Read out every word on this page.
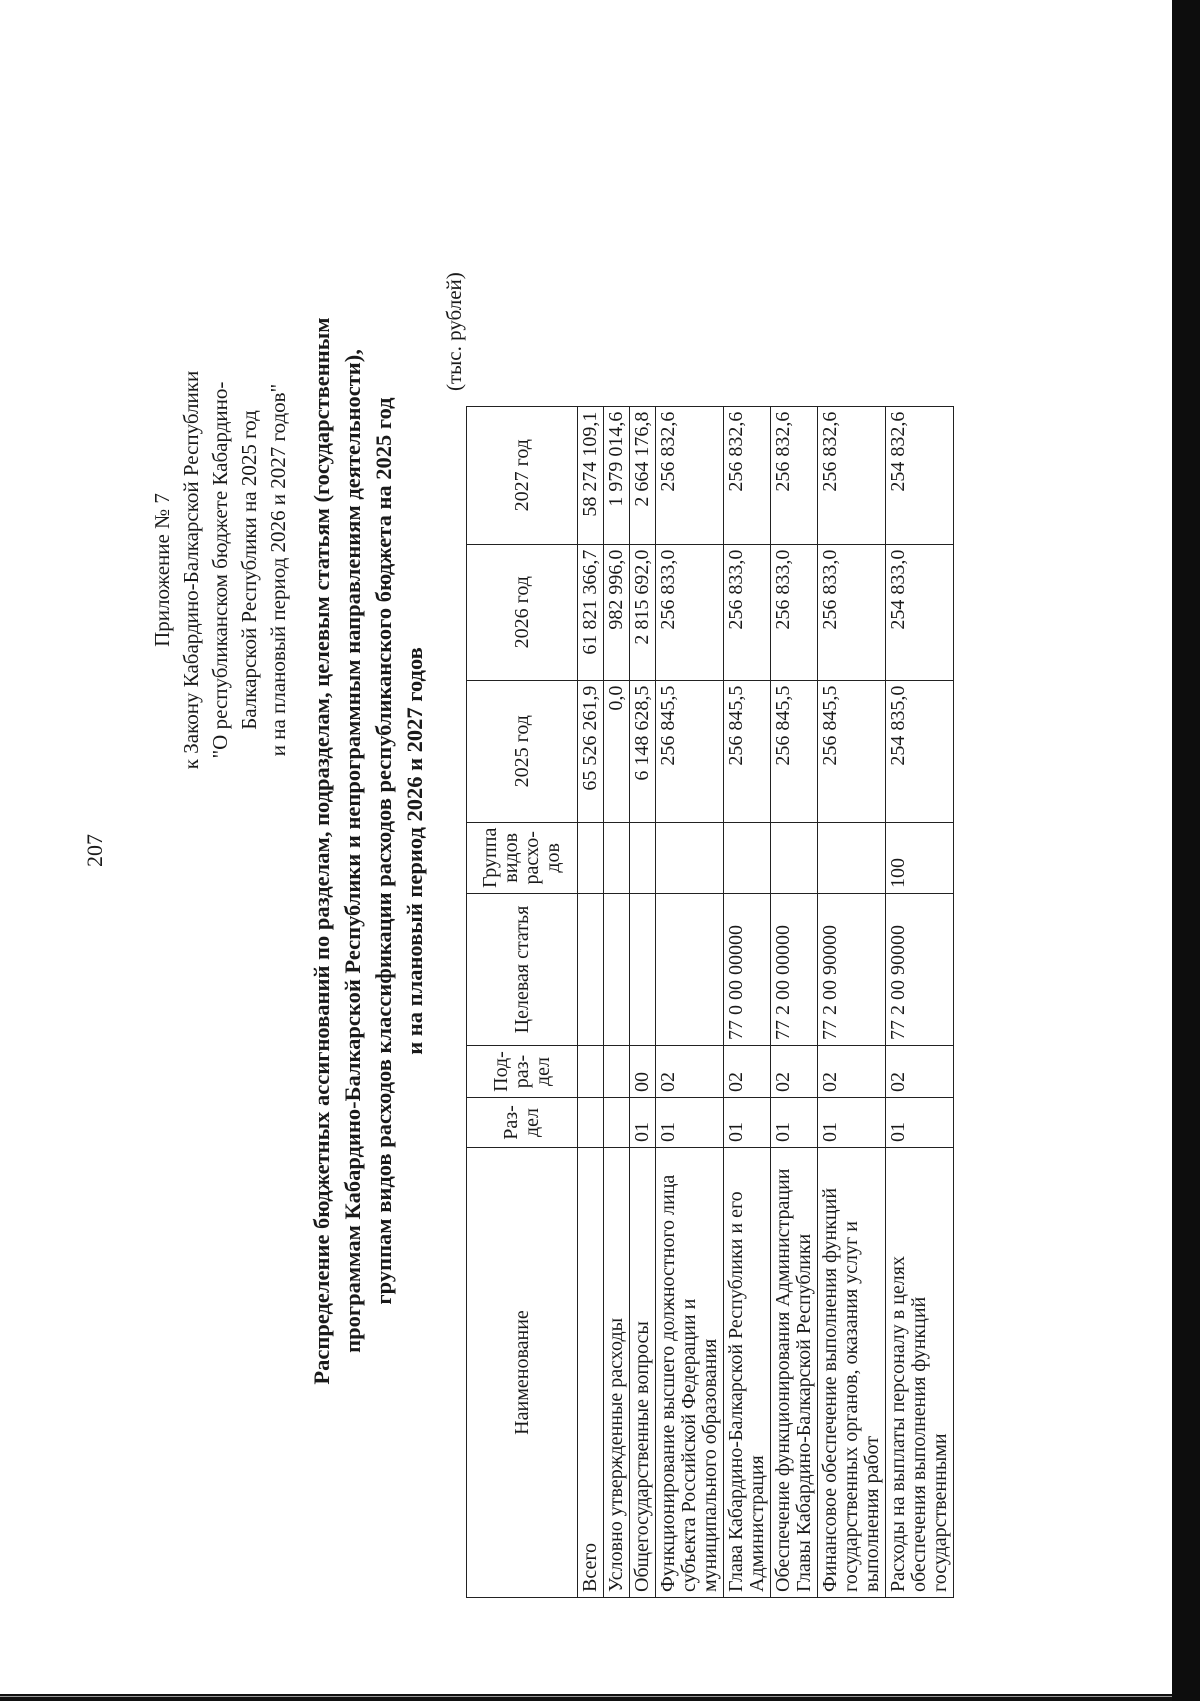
207
Приложение № 7 к Закону Кабардино-Балкарской Республики "О республиканском бюджете Кабардино- Балкарской Республики на 2025 год и на плановый период 2026 и 2027 годов" Распределение бюджетных ассигнований по разделам, подразделам, целевым статьям (государственным программам Кабардино-Балкарской Республики и непрограммным направлениям деятельности), группам видов расходов классификации расходов республиканского бюджета на 2025 год и на плановый период 2026 и 2027 годов
(тыс. рублей)
Наименование	Раз- дел	Под- раз- дел	Целевая статья	Группа видов расхо- дов	2025 год	2026 год	2027 год
Всего					65 526 261,9	61 821 366,7	58 274 109,1
Условно утвержденные расходы					0,0	982 996,0	1 979 014,6
Общегосударственные вопросы	01	00			6 148 628,5	2 815 692,0	2 664 176,8
Функционирование высшего должностного лица субъекта Российской Федерации и муниципального образования	01	02			256 845,5	256 833,0	256 832,6
Глава Кабардино-Балкарской Республики и его Администрация	01	02	77 0 00 00000		256 845,5	256 833,0	256 832,6
Обеспечение функционирования Администрации Главы Кабардино-Балкарской Республики	01	02	77 2 00 00000		256 845,5	256 833,0	256 832,6
Финансовое обеспечение выполнения функций государственных органов, оказания услуг и выполнения работ	01	02	77 2 00 90000		256 845,5	256 833,0	256 832,6
Расходы на выплаты персоналу в целях обеспечения выполнения функций государственными	01	02	77 2 00 90000	100	254 835,0	254 833,0	254 832,6
